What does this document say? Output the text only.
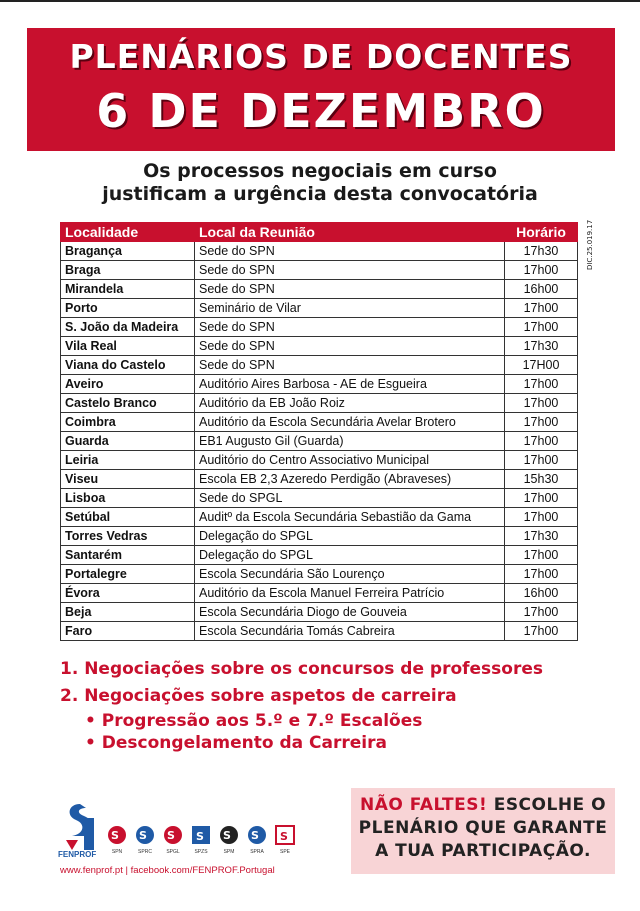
PLENÁRIOS DE DOCENTES
6 DE DEZEMBRO
Os processos negociais em curso
justificam a urgência desta convocatória
DIC.25.019.17
Localidade	Local da Reunião	Horário
Bragança	Sede do SPN	17h30
Braga	Sede do SPN	17h00
Mirandela	Sede do SPN	16h00
Porto	Seminário de Vilar	17h00
S. João da Madeira	Sede do SPN	17h00
Vila Real	Sede do SPN	17h30
Viana do Castelo	Sede do SPN	17H00
Aveiro	Auditório Aires Barbosa - AE de Esgueira	17h00
Castelo Branco	Auditório da EB João Roiz	17h00
Coimbra	Auditório da Escola Secundária Avelar Brotero	17h00
Guarda	EB1 Augusto Gil (Guarda)	17h00
Leiria	Auditório do Centro Associativo Municipal	17h00
Viseu	Escola EB 2,3 Azeredo Perdigão (Abraveses)	15h30
Lisboa	Sede do SPGL	17h00
Setúbal	Auditº da Escola Secundária Sebastião da Gama	17h00
Torres Vedras	Delegação do SPGL	17h30
Santarém	Delegação do SPGL	17h00
Portalegre	Escola Secundária São Lourenço	17h00
Évora	Auditório da Escola Manuel Ferreira Patrício	16h00
Beja	Escola Secundária Diogo de Gouveia	17h00
Faro	Escola Secundária Tomás Cabreira	17h00
1. Negociações sobre os concursos de professores
2. Negociações sobre aspetos de carreira
• Progressão aos 5.º e 7.º Escalões
• Descongelamento da Carreira
NÃO FALTES! ESCOLHE O
PLENÁRIO QUE GARANTE
A TUA PARTICIPAÇÃO.
FENPROF
S
SPN
S
SPRC
S
SPGL
S
SPZS
S
SPM
S
SPRA
S
SPE
www.fenprof.pt | facebook.com/FENPROF.Portugal
